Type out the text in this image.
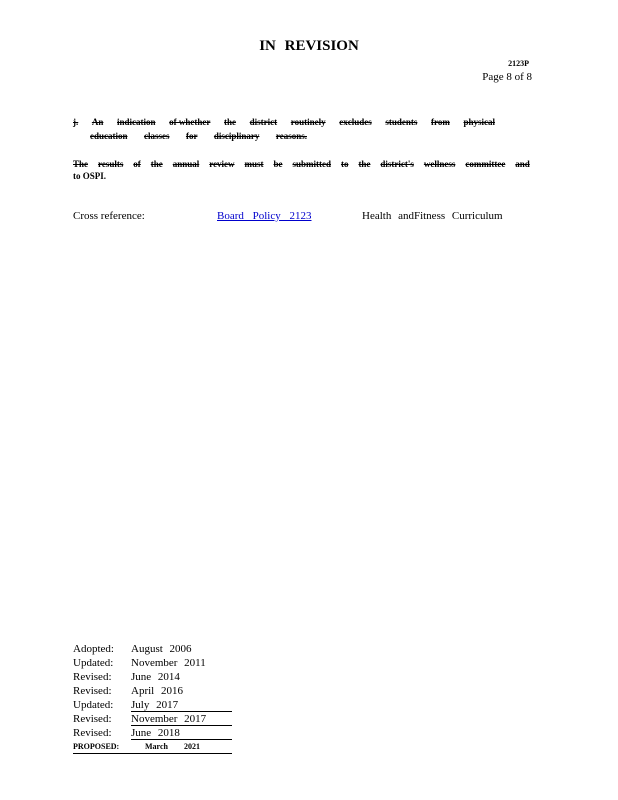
IN REVISION
2123P
Page 8 of 8
j. An indication of whether the district routinely excludes students from physical
education classes for disciplinary reasons.
The results of the annual review must be submitted to the district's wellness committee and
to OSPI.
Cross reference:	Board Policy 2123	Health andFitness Curriculum
Adopted:	August 2006
Updated:	November 2011
Revised:	June 2014
Revised:	April 2016
Updated:	July 2017
Revised:	November 2017
Revised:	June 2018
PROPOSED:	March 2021
